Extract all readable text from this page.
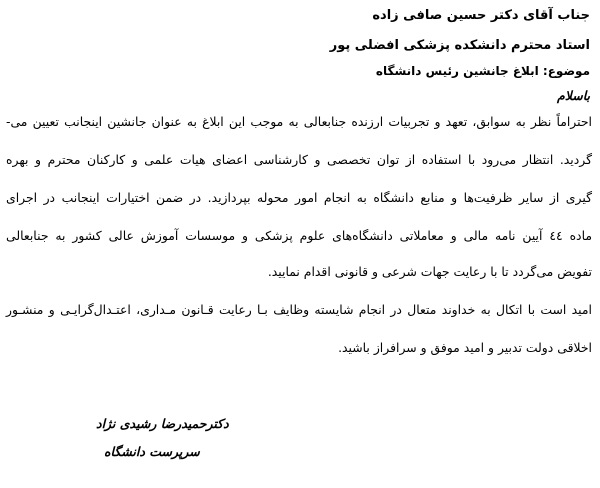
جناب آقای دکتر حسین صافی زاده
استاد محترم دانشکده پزشکی افضلی پور
موضوع: ابلاغ جانشین رئیس دانشگاه
باسلام
احتراماً نظر به سوابق، تعهد و تجربیات ارزنده جنابعالی به موجب این ابلاغ به عنوان جانشین اینجانب تعیین می-
گردید. انتظار می‌رود با استفاده از توان تخصصی و کارشناسی اعضای هیات علمی و کارکنان محترم و بهره
گیری از سایر ظرفیت‌ها و منابع دانشگاه به انجام امور محوله بپردازید. در ضمن اختیارات اینجانب در اجرای
ماده ٤٤ آیین نامه مالی و معاملاتی دانشگاه‌های علوم پزشکی و موسسات آموزش عالی کشور به جنابعالی
تفویض می‌گردد تا با رعایت جهات شرعی و قانونی اقدام نمایید.
امید است با اتکال به خداوند متعال در انجام شایسته وظایف بـا رعایت قـانون مـداری، اعتـدال‌گرایـی و منشـور
اخلاقی دولت تدبیر و امید موفق و سرافراز باشید.
دکترحمیدرضا رشیدی نژاد
سرپرست دانشگاه
